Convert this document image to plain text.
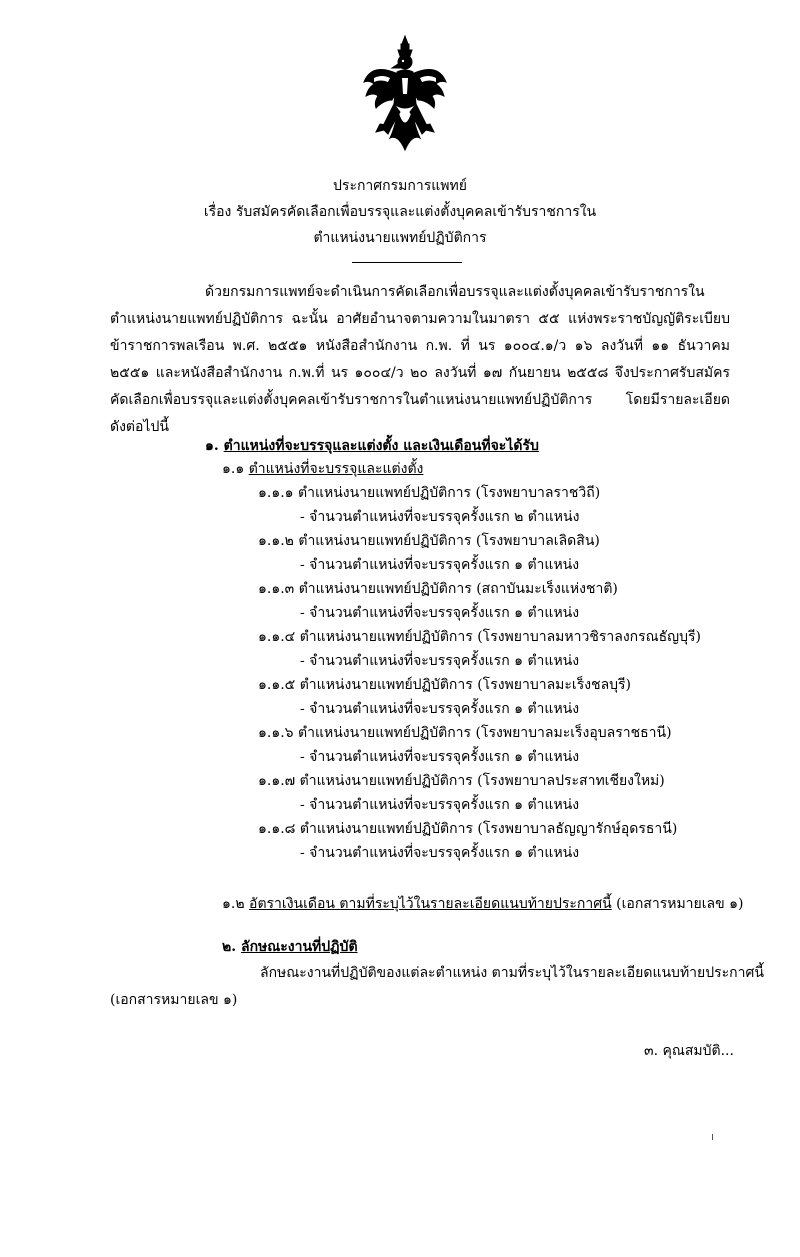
ประกาศกรมการแพทย์
เรื่อง รับสมัครคัดเลือกเพื่อบรรจุและแต่งตั้งบุคคลเข้ารับราชการใน
ตำแหน่งนายแพทย์ปฏิบัติการ
ด้วยกรมการแพทย์จะดำเนินการคัดเลือกเพื่อบรรจุและแต่งตั้งบุคคลเข้ารับราชการใน
ตำแหน่งนายแพทย์ปฏิบัติการ ฉะนั้น อาศัยอำนาจตามความในมาตรา ๕๕ แห่งพระราชบัญญัติระเบียบ
ข้าราชการพลเรือน พ.ศ. ๒๕๕๑ หนังสือสำนักงาน ก.พ. ที่ นร ๑๐๐๔.๑/ว ๑๖ ลงวันที่ ๑๑ ธันวาคม
๒๕๕๑ และหนังสือสำนักงาน ก.พ.ที่ นร ๑๐๐๔/ว ๒๐ ลงวันที่ ๑๗ กันยายน ๒๕๕๘ จึงประกาศรับสมัคร
คัดเลือกเพื่อบรรจุและแต่งตั้งบุคคลเข้ารับราชการในตำแหน่งนายแพทย์ปฏิบัติการ โดยมีรายละเอียด
ดังต่อไปนี้
๑. ตำแหน่งที่จะบรรจุและแต่งตั้ง และเงินเดือนที่จะได้รับ
๑.๑ ตำแหน่งที่จะบรรจุและแต่งตั้ง
๑.๑.๑ ตำแหน่งนายแพทย์ปฏิบัติการ (โรงพยาบาลราชวิถี)
- จำนวนตำแหน่งที่จะบรรจุครั้งแรก ๒ ตำแหน่ง
๑.๑.๒ ตำแหน่งนายแพทย์ปฏิบัติการ (โรงพยาบาลเลิดสิน)
- จำนวนตำแหน่งที่จะบรรจุครั้งแรก ๑ ตำแหน่ง
๑.๑.๓ ตำแหน่งนายแพทย์ปฏิบัติการ (สถาบันมะเร็งแห่งชาติ)
- จำนวนตำแหน่งที่จะบรรจุครั้งแรก ๑ ตำแหน่ง
๑.๑.๔ ตำแหน่งนายแพทย์ปฏิบัติการ (โรงพยาบาลมหาวชิราลงกรณธัญบุรี)
- จำนวนตำแหน่งที่จะบรรจุครั้งแรก ๑ ตำแหน่ง
๑.๑.๕ ตำแหน่งนายแพทย์ปฏิบัติการ (โรงพยาบาลมะเร็งชลบุรี)
- จำนวนตำแหน่งที่จะบรรจุครั้งแรก ๑ ตำแหน่ง
๑.๑.๖ ตำแหน่งนายแพทย์ปฏิบัติการ (โรงพยาบาลมะเร็งอุบลราชธานี)
- จำนวนตำแหน่งที่จะบรรจุครั้งแรก ๑ ตำแหน่ง
๑.๑.๗ ตำแหน่งนายแพทย์ปฏิบัติการ (โรงพยาบาลประสาทเชียงใหม่)
- จำนวนตำแหน่งที่จะบรรจุครั้งแรก ๑ ตำแหน่ง
๑.๑.๘ ตำแหน่งนายแพทย์ปฏิบัติการ (โรงพยาบาลธัญญารักษ์อุดรธานี)
- จำนวนตำแหน่งที่จะบรรจุครั้งแรก ๑ ตำแหน่ง
๑.๒ อัตราเงินเดือน ตามที่ระบุไว้ในรายละเอียดแนบท้ายประกาศนี้ (เอกสารหมายเลข ๑)
๒. ลักษณะงานที่ปฏิบัติ
ลักษณะงานที่ปฏิบัติของแต่ละตำแหน่ง ตามที่ระบุไว้ในรายละเอียดแนบท้ายประกาศนี้
(เอกสารหมายเลข ๑)
๓. คุณสมบัติ...
